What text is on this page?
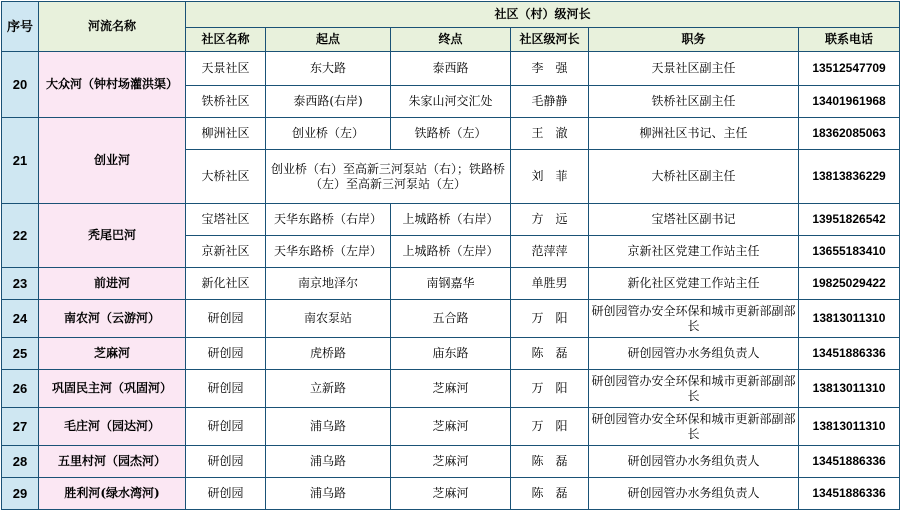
序号	河流名称	社区（村）级河长					
		社区名称	起点	终点	社区级河长	职务	联系电话
20	大众河（钟村场灌洪渠）	天景社区	东大路	泰西路	李　强	天景社区副主任	13512547709
		铁桥社区	泰西路(右岸)	朱家山河交汇处	毛静静	铁桥社区副主任	13401961968
21	创业河	柳洲社区	创业桥（左）	铁路桥（左）	王　澈	柳洲社区书记、主任	18362085063
		大桥社区	创业桥（右）至高新三河泵站（右）；铁路桥（左）至高新三河泵站（左）		刘　菲	大桥社区副主任	13813836229
22	秃尾巴河	宝塔社区	天华东路桥（右岸）	上城路桥（右岸）	方　远	宝塔社区副书记	13951826542
		京新社区	天华东路桥（左岸）	上城路桥（左岸）	范萍萍	京新社区党建工作站主任	13655183410
23	前进河	新化社区	南京地泽尔	南钢嘉华	单胜男	新化社区党建工作站主任	19825029422
24	南农河（云游河）	研创园	南农泵站	五合路	万　阳	研创园管办安全环保和城市更新部副部长	13813011310
25	芝麻河	研创园	虎桥路	庙东路	陈　磊	研创园管办水务组负责人	13451886336
26	巩固民主河（巩固河）	研创园	立新路	芝麻河	万　阳	研创园管办安全环保和城市更新部副部长	13813011310
27	毛庄河（园达河）	研创园	浦乌路	芝麻河	万　阳	研创园管办安全环保和城市更新部副部长	13813011310
28	五里村河（园杰河）	研创园	浦乌路	芝麻河	陈　磊	研创园管办水务组负责人	13451886336
29	胜利河(绿水湾河)	研创园	浦乌路	芝麻河	陈　磊	研创园管办水务组负责人	13451886336
